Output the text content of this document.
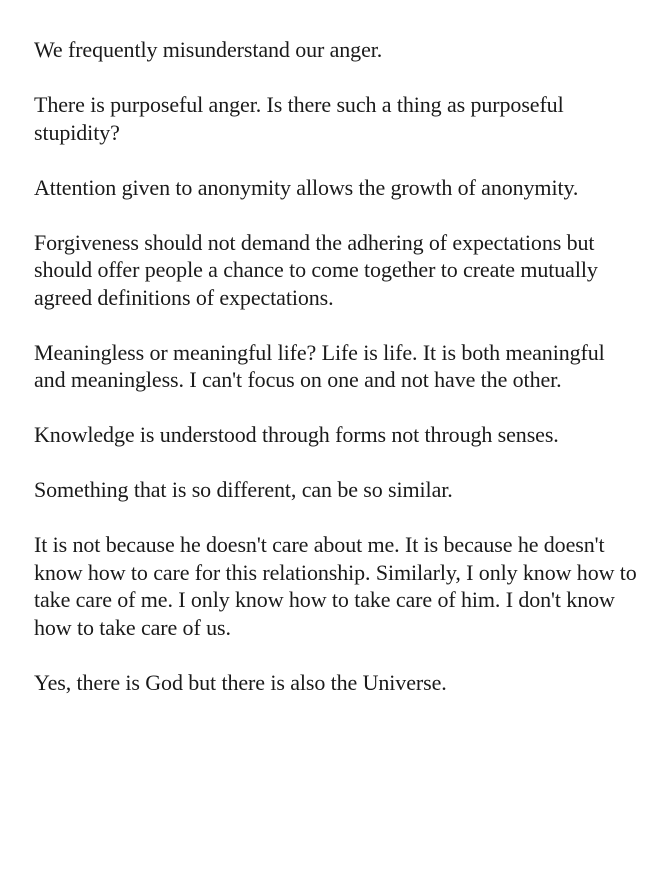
We frequently misunderstand our anger.

There is purposeful anger. Is there such a thing as purposeful stupidity?

Attention given to anonymity allows the growth of anonymity.

Forgiveness should not demand the adhering of expectations but should offer people a chance to come together to create mutually agreed definitions of expectations.

Meaningless or meaningful life? Life is life. It is both meaningful and meaningless. I can't focus on one and not have the other.

Knowledge is understood through forms not through senses.

Something that is so different, can be so similar.

It is not because he doesn't care about me. It is because he doesn't know how to care for this relationship. Similarly, I only know how to take care of me. I only know how to take care of him. I don't know how to take care of us.

Yes, there is God but there is also the Universe.
